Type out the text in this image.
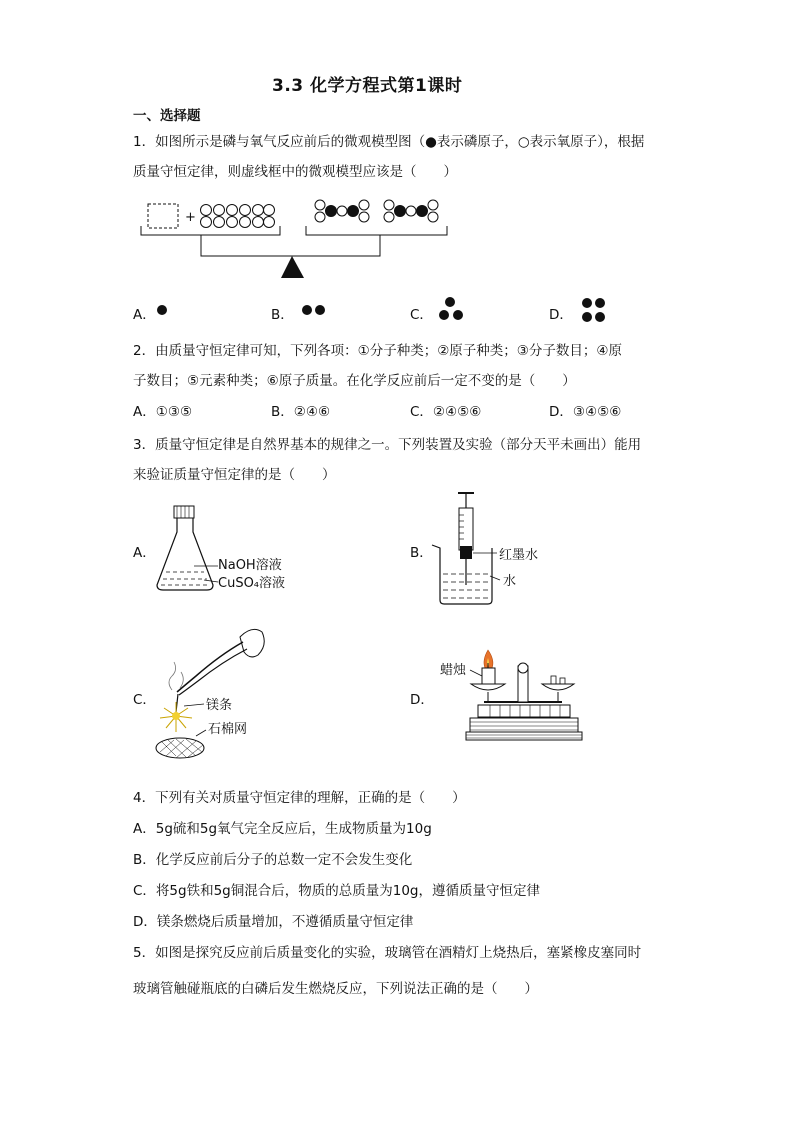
3.3 化学方程式第1课时
一、选择题
1．如图所示是磷与氧气反应前后的微观模型图（●表示磷原子，○表示氧原子），根据
质量守恒定律，则虚线框中的微观模型应该是（　　）
+
A．	B．	C．	D．
2．由质量守恒定律可知，下列各项：①分子种类；②原子种类；③分子数目；④原
子数目；⑤元素种类；⑥原子质量。在化学反应前后一定不变的是（　　）
A．①③⑤	B．②④⑥	C．②④⑤⑥	D．③④⑤⑥
3．质量守恒定律是自然界基本的规律之一。下列装置及实验（部分天平未画出）能用
来验证质量守恒定律的是（　　）
A．	B．
C．	D．
NaOH溶液
CuSO₄溶液
红墨水
水
镁条
石棉网
蜡烛
4．下列有关对质量守恒定律的理解，正确的是（　　）
A．5g硫和5g氧气完全反应后，生成物质量为10g
B．化学反应前后分子的总数一定不会发生变化
C．将5g铁和5g铜混合后，物质的总质量为10g，遵循质量守恒定律
D．镁条燃烧后质量增加，不遵循质量守恒定律
5．如图是探究反应前后质量变化的实验，玻璃管在酒精灯上烧热后，塞紧橡皮塞同时
玻璃管触碰瓶底的白磷后发生燃烧反应，下列说法正确的是（　　）
